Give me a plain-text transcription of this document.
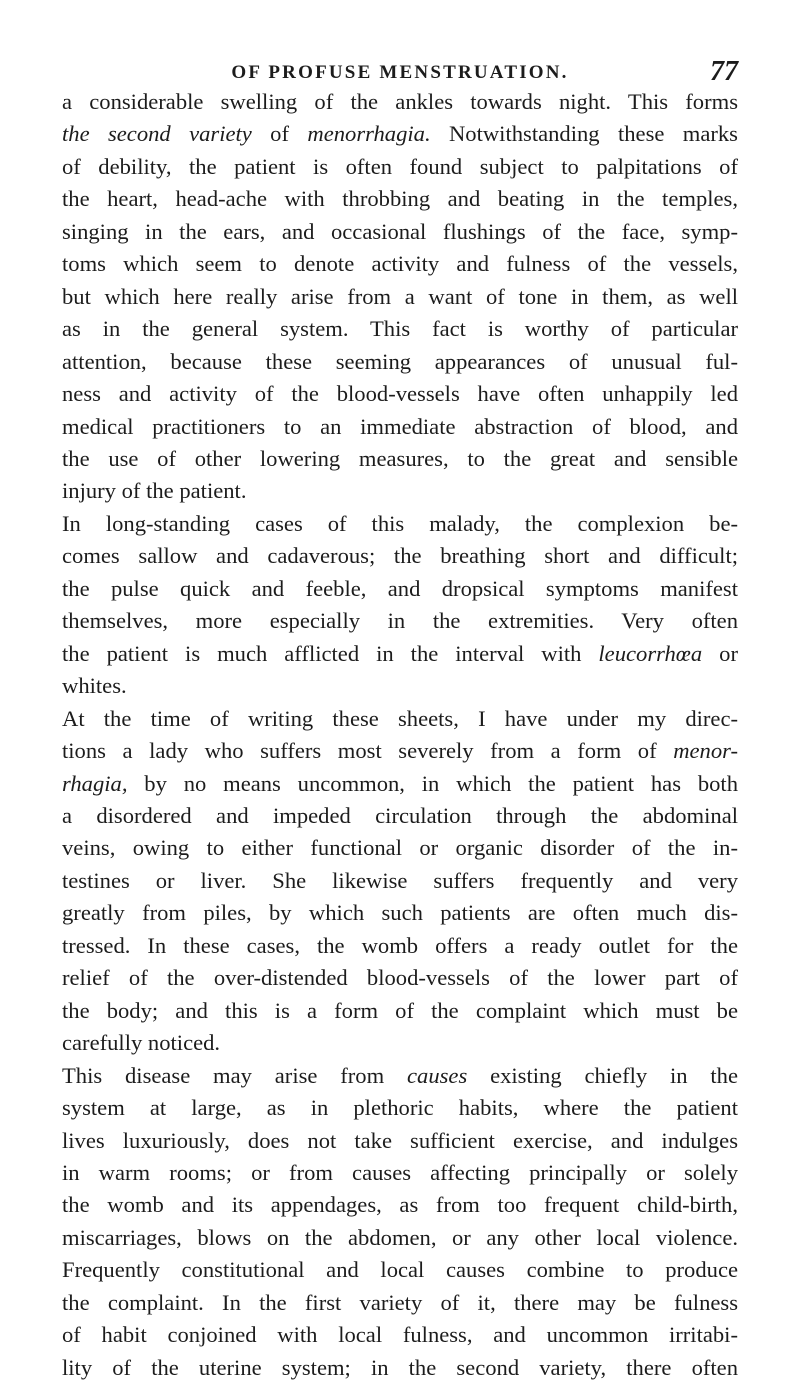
OF PROFUSE MENSTRUATION.	77
a considerable swelling of the ankles towards night. This forms
the second variety of menorrhagia. Notwithstanding these marks
of debility, the patient is often found subject to palpitations of
the heart, head-ache with throbbing and beating in the temples,
singing in the ears, and occasional flushings of the face, symp-
toms which seem to denote activity and fulness of the vessels,
but which here really arise from a want of tone in them, as well
as in the general system. This fact is worthy of particular
attention, because these seeming appearances of unusual ful-
ness and activity of the blood-vessels have often unhappily led
medical practitioners to an immediate abstraction of blood, and
the use of other lowering measures, to the great and sensible
injury of the patient.
In long-standing cases of this malady, the complexion be-
comes sallow and cadaverous; the breathing short and difficult;
the pulse quick and feeble, and dropsical symptoms manifest
themselves, more especially in the extremities. Very often
the patient is much afflicted in the interval with leucorrhœa or
whites.
At the time of writing these sheets, I have under my direc-
tions a lady who suffers most severely from a form of menor-
rhagia, by no means uncommon, in which the patient has both
a disordered and impeded circulation through the abdominal
veins, owing to either functional or organic disorder of the in-
testines or liver. She likewise suffers frequently and very
greatly from piles, by which such patients are often much dis-
tressed. In these cases, the womb offers a ready outlet for the
relief of the over-distended blood-vessels of the lower part of
the body; and this is a form of the complaint which must be
carefully noticed.
This disease may arise from causes existing chiefly in the
system at large, as in plethoric habits, where the patient
lives luxuriously, does not take sufficient exercise, and indulges
in warm rooms; or from causes affecting principally or solely
the womb and its appendages, as from too frequent child-birth,
miscarriages, blows on the abdomen, or any other local violence.
Frequently constitutional and local causes combine to produce
the complaint. In the first variety of it, there may be fulness
of habit conjoined with local fulness, and uncommon irritabi-
lity of the uterine system; in the second variety, there often
